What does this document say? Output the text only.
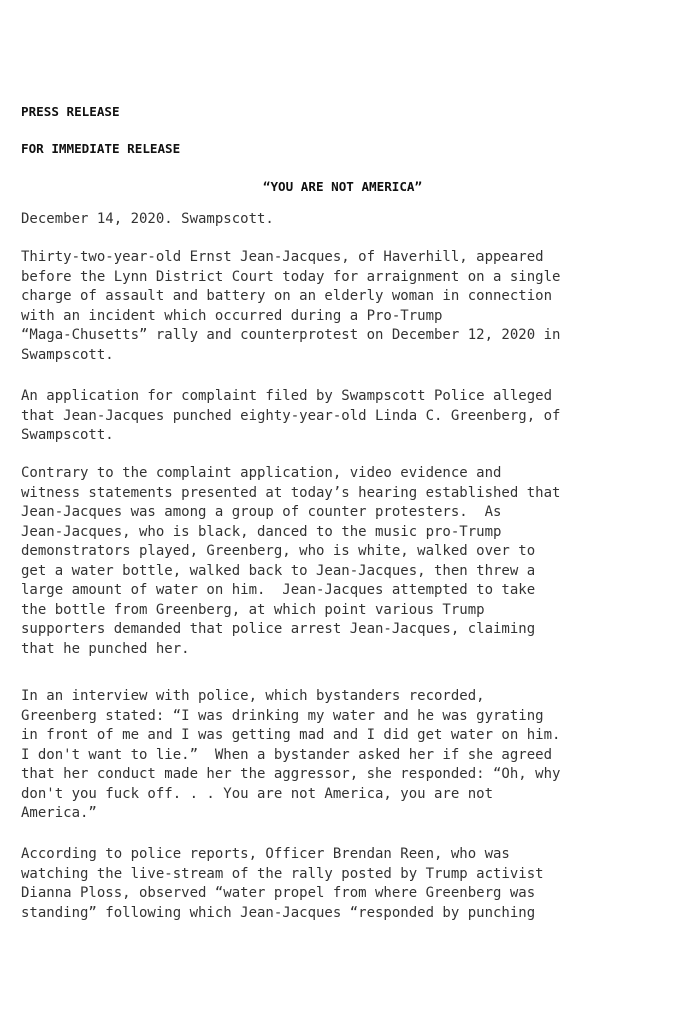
PRESS RELEASE
FOR IMMEDIATE RELEASE
“YOU ARE NOT AMERICA”
December 14, 2020. Swampscott.
Thirty-two-year-old Ernst Jean-Jacques, of Haverhill, appeared
before the Lynn District Court today for arraignment on a single
charge of assault and battery on an elderly woman in connection
with an incident which occurred during a Pro-Trump
“Maga-Chusetts” rally and counterprotest on December 12, 2020 in
Swampscott.
An application for complaint filed by Swampscott Police alleged
that Jean-Jacques punched eighty-year-old Linda C. Greenberg, of
Swampscott.
Contrary to the complaint application, video evidence and
witness statements presented at today’s hearing established that
Jean-Jacques was among a group of counter protesters.  As
Jean-Jacques, who is black, danced to the music pro-Trump
demonstrators played, Greenberg, who is white, walked over to
get a water bottle, walked back to Jean-Jacques, then threw a
large amount of water on him.  Jean-Jacques attempted to take
the bottle from Greenberg, at which point various Trump
supporters demanded that police arrest Jean-Jacques, claiming
that he punched her.
In an interview with police, which bystanders recorded,
Greenberg stated: “I was drinking my water and he was gyrating
in front of me and I was getting mad and I did get water on him.
I don't want to lie.”  When a bystander asked her if she agreed
that her conduct made her the aggressor, she responded: “Oh, why
don't you fuck off. . . You are not America, you are not
America.”
According to police reports, Officer Brendan Reen, who was
watching the live-stream of the rally posted by Trump activist
Dianna Ploss, observed “water propel from where Greenberg was
standing” following which Jean-Jacques “responded by punching
